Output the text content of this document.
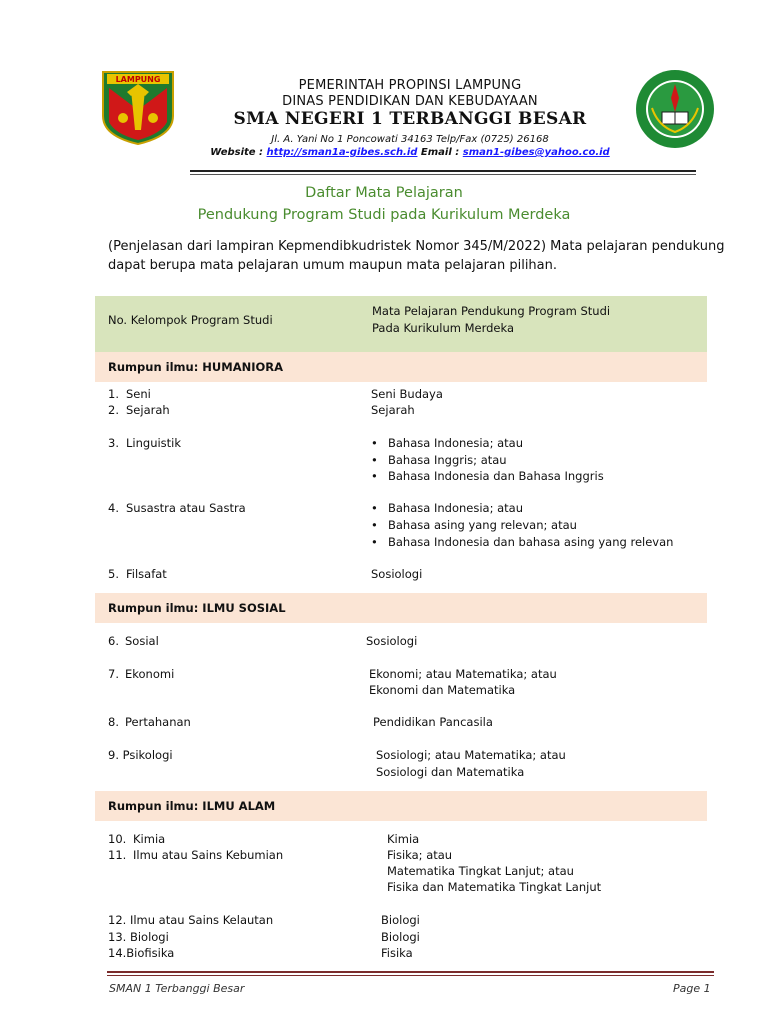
LAMPUNG	PEMERINTAH PROPINSI LAMPUNG
DINAS PENDIDIKAN DAN KEBUDAYAAN
SMA NEGERI 1 TERBANGGI BESAR
Jl. A. Yani No 1 Poncowati 34163 Telp/Fax (0725) 26168
Website : http://sman1a-gibes.sch.id Email : sman1-gibes@yahoo.co.id
Daftar Mata Pelajaran
Pendukung Program Studi pada Kurikulum Merdeka
(Penjelasan dari lampiran Kepmendibkudristek Nomor 345/M/2022) Mata pelajaran pendukung dapat berupa mata pelajaran umum maupun mata pelajaran pilihan.
No. Kelompok Program Studi
Mata Pelajaran Pendukung Program Studi
Pada Kurikulum Merdeka
Rumpun ilmu: HUMANIORA
1. Seni	Seni Budaya
2. Sejarah	Sejarah
3. Linguistik	• Bahasa Indonesia; atau
• Bahasa Inggris; atau
• Bahasa Indonesia dan Bahasa Inggris
4. Susastra atau Sastra	• Bahasa Indonesia; atau
• Bahasa asing yang relevan; atau
• Bahasa Indonesia dan bahasa asing yang relevan
5. Filsafat	Sosiologi
Rumpun ilmu: ILMU SOSIAL
6. Sosial	Sosiologi
7. Ekonomi	Ekonomi; atau Matematika; atau
Ekonomi dan Matematika
8. Pertahanan	Pendidikan Pancasila
9. Psikologi	Sosiologi; atau Matematika; atau
Sosiologi dan Matematika
Rumpun ilmu: ILMU ALAM
10. Kimia	Kimia
11. Ilmu atau Sains Kebumian	Fisika; atau
Matematika Tingkat Lanjut; atau
Fisika dan Matematika Tingkat Lanjut
12. Ilmu atau Sains Kelautan	Biologi
13. Biologi	Biologi
14.Biofisika	Fisika
SMAN 1 Terbanggi Besar	Page 1
